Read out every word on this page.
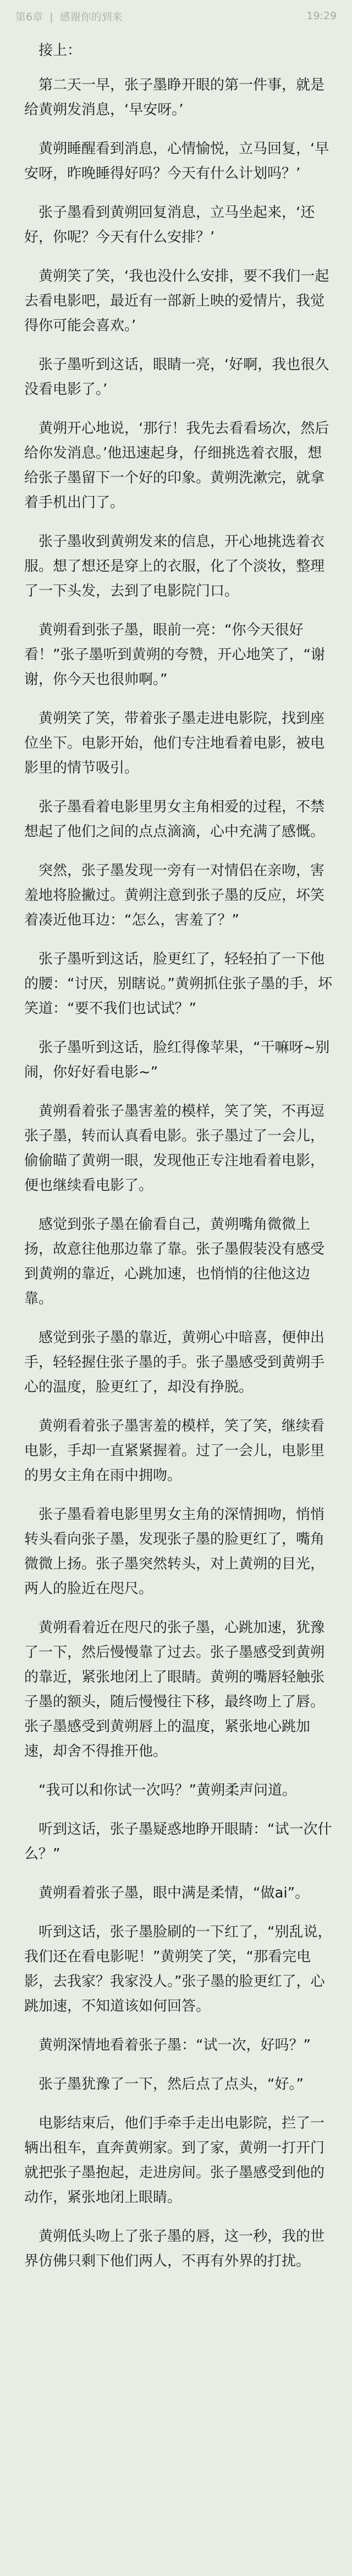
第6章 | 感谢你的到来	19:29

接上：

第二天一早，张子墨睁开眼的第一件事，就是给黄朔发消息，‘早安呀。’

黄朔睡醒看到消息，心情愉悦，立马回复，‘早安呀，昨晚睡得好吗？今天有什么计划吗？’

张子墨看到黄朔回复消息，立马坐起来，‘还好，你呢？今天有什么安排？’

黄朔笑了笑，‘我也没什么安排，要不我们一起去看电影吧，最近有一部新上映的爱情片，我觉得你可能会喜欢。’

张子墨听到这话，眼睛一亮，‘好啊，我也很久没看电影了。’

黄朔开心地说，‘那行！我先去看看场次，然后给你发消息。’他迅速起身，仔细挑选着衣服，想给张子墨留下一个好的印象。黄朔洗漱完，就拿着手机出门了。

张子墨收到黄朔发来的信息，开心地挑选着衣服。想了想还是穿上的衣服，化了个淡妆，整理了一下头发，去到了电影院门口。

黄朔看到张子墨，眼前一亮：“你今天很好看！”张子墨听到黄朔的夸赞，开心地笑了，“谢谢，你今天也很帅啊。”

黄朔笑了笑，带着张子墨走进电影院，找到座位坐下。电影开始，他们专注地看着电影，被电影里的情节吸引。

张子墨看着电影里男女主角相爱的过程，不禁想起了他们之间的点点滴滴，心中充满了感慨。

突然，张子墨发现一旁有一对情侣在亲吻，害羞地将脸撇过。黄朔注意到张子墨的反应，坏笑着凑近他耳边：“怎么，害羞了？”

张子墨听到这话，脸更红了，轻轻拍了一下他的腰：“讨厌，别瞎说。”黄朔抓住张子墨的手，坏笑道：“要不我们也试试？”

张子墨听到这话，脸红得像苹果，“干嘛呀~别闹，你好好看电影~”

黄朔看着张子墨害羞的模样，笑了笑，不再逗张子墨，转而认真看电影。张子墨过了一会儿，偷偷瞄了黄朔一眼，发现他正专注地看着电影，便也继续看电影了。

感觉到张子墨在偷看自己，黄朔嘴角微微上扬，故意往他那边靠了靠。张子墨假装没有感受到黄朔的靠近，心跳加速，也悄悄的往他这边靠。

感觉到张子墨的靠近，黄朔心中暗喜，便伸出手，轻轻握住张子墨的手。张子墨感受到黄朔手心的温度，脸更红了，却没有挣脱。

黄朔看着张子墨害羞的模样，笑了笑，继续看电影，手却一直紧紧握着。过了一会儿，电影里的男女主角在雨中拥吻。

张子墨看着电影里男女主角的深情拥吻，悄悄转头看向张子墨，发现张子墨的脸更红了，嘴角微微上扬。张子墨突然转头，对上黄朔的目光，两人的脸近在咫尺。

黄朔看着近在咫尺的张子墨，心跳加速，犹豫了一下，然后慢慢靠了过去。张子墨感受到黄朔的靠近，紧张地闭上了眼睛。黄朔的嘴唇轻触张子墨的额头，随后慢慢往下移，最终吻上了唇。张子墨感受到黄朔唇上的温度，紧张地心跳加速，却舍不得推开他。

“我可以和你试一次吗？”黄朔柔声问道。

听到这话，张子墨疑惑地睁开眼睛：“试一次什么？”

黄朔看着张子墨，眼中满是柔情，“做ai”。

听到这话，张子墨脸刷的一下红了，“别乱说，我们还在看电影呢！”黄朔笑了笑，“那看完电影，去我家？我家没人。”张子墨的脸更红了，心跳加速，不知道该如何回答。

黄朔深情地看着张子墨：“试一次，好吗？”

张子墨犹豫了一下，然后点了点头，“好。”

电影结束后，他们手牵手走出电影院，拦了一辆出租车，直奔黄朔家。到了家，黄朔一打开门就把张子墨抱起，走进房间。张子墨感受到他的动作，紧张地闭上眼睛。

黄朔低头吻上了张子墨的唇，这一秒，我的世界仿佛只剩下他们两人，不再有外界的打扰。
